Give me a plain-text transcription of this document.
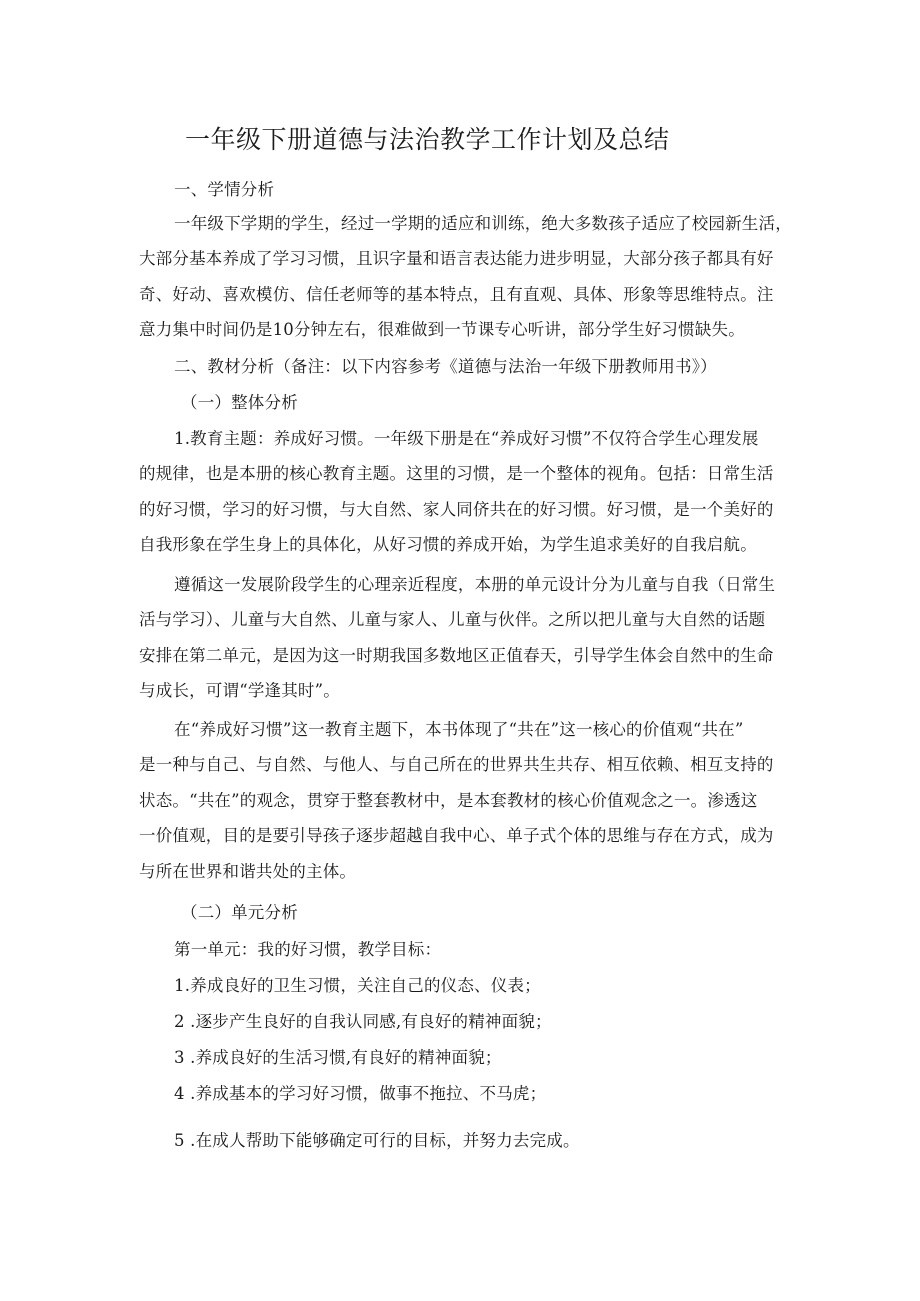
一年级下册道德与法治教学工作计划及总结
一、学情分析
一年级下学期的学生，经过一学期的适应和训练，绝大多数孩子适应了校园新生活，
大部分基本养成了学习习惯，且识字量和语言表达能力进步明显，大部分孩子都具有好
奇、好动、喜欢模仿、信任老师等的基本特点，且有直观、具体、形象等思维特点。注
意力集中时间仍是10分钟左右，很难做到一节课专心听讲，部分学生好习惯缺失。
二、教材分析（备注：以下内容参考《道德与法治一年级下册教师用书》）
（一）整体分析
1.教育主题：养成好习惯。一年级下册是在“养成好习惯”不仅符合学生心理发展
的规律，也是本册的核心教育主题。这里的习惯，是一个整体的视角。包括：日常生活
的好习惯，学习的好习惯，与大自然、家人同侪共在的好习惯。好习惯，是一个美好的
自我形象在学生身上的具体化，从好习惯的养成开始，为学生追求美好的自我启航。
遵循这一发展阶段学生的心理亲近程度，本册的单元设计分为儿童与自我（日常生
活与学习）、儿童与大自然、儿童与家人、儿童与伙伴。之所以把儿童与大自然的话题
安排在第二单元，是因为这一时期我国多数地区正值春天，引导学生体会自然中的生命
与成长，可谓“学逢其时”。
在“养成好习惯”这一教育主题下，本书体现了“共在”这一核心的价值观“共在”
是一种与自己、与自然、与他人、与自己所在的世界共生共存、相互依赖、相互支持的
状态。“共在”的观念，贯穿于整套教材中，是本套教材的核心价值观念之一。渗透这
一价值观，目的是要引导孩子逐步超越自我中心、单子式个体的思维与存在方式，成为
与所在世界和谐共处的主体。
（二）单元分析
第一单元：我的好习惯，教学目标：
1.养成良好的卫生习惯，关注自己的仪态、仪表；
2 .逐步产生良好的自我认同感,有良好的精神面貌；
3 .养成良好的生活习惯,有良好的精神面貌；
4 .养成基本的学习好习惯，做事不拖拉、不马虎；
5 .在成人帮助下能够确定可行的目标，并努力去完成。
